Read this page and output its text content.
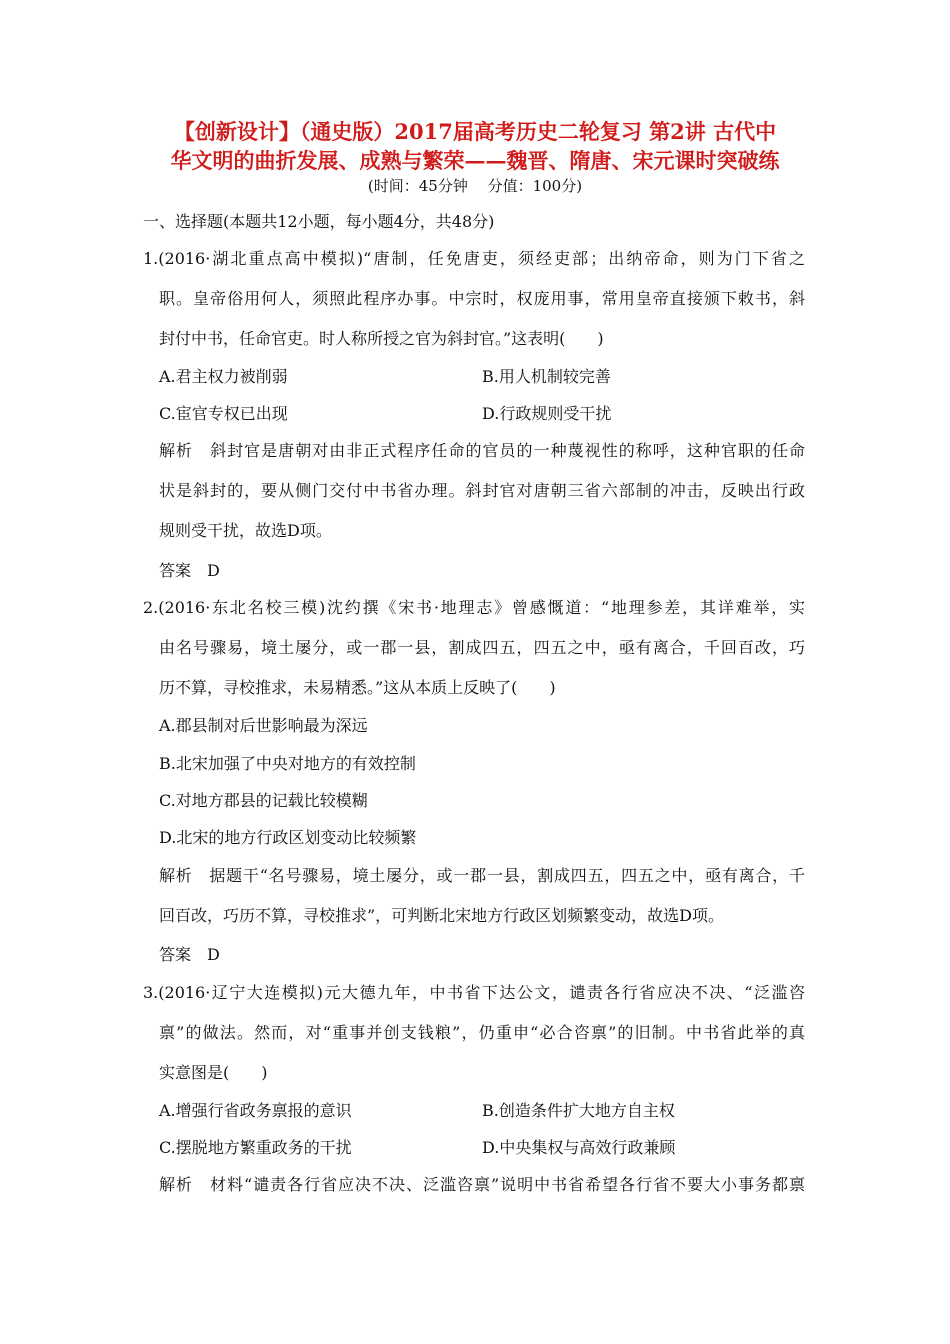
【创新设计】（通史版）2017届高考历史二轮复习 第2讲 古代中
华文明的曲折发展、成熟与繁荣——魏晋、隋唐、宋元课时突破练
(时间：45分钟　 分值：100分)
一、选择题(本题共12小题，每小题4分，共48分)
1.(2016·湖北重点高中模拟)“唐制，任免唐吏，须经吏部；出纳帝命，则为门下省之
职。皇帝俗用何人，须照此程序办事。中宗时，权庞用事，常用皇帝直接颁下敕书，斜
封付中书，任命官吏。时人称所授之官为斜封官。”这表明(　　)
A.君主权力被削弱	B.用人机制较完善
C.宦官专权已出现	D.行政规则受干扰
解析　斜封官是唐朝对由非正式程序任命的官员的一种蔑视性的称呼，这种官职的任命
状是斜封的，要从侧门交付中书省办理。斜封官对唐朝三省六部制的冲击，反映出行政
规则受干扰，故选D项。
答案　D
2.(2016·东北名校三模)沈约撰《宋书·地理志》曾感慨道：“地理参差，其详难举，实
由名号骤易，境土屡分，或一郡一县，割成四五，四五之中，亟有离合，千回百改，巧
历不算，寻校推求，未易精悉。”这从本质上反映了(　　)
A.郡县制对后世影响最为深远
B.北宋加强了中央对地方的有效控制
C.对地方郡县的记载比较模糊
D.北宋的地方行政区划变动比较频繁
解析　据题干“名号骤易，境土屡分，或一郡一县，割成四五，四五之中，亟有离合，千
回百改，巧历不算，寻校推求”，可判断北宋地方行政区划频繁变动，故选D项。
答案　D
3.(2016·辽宁大连模拟)元大德九年，中书省下达公文，谴责各行省应决不决、“泛滥咨
禀”的做法。然而，对“重事并创支钱粮”，仍重申“必合咨禀”的旧制。中书省此举的真
实意图是(　　)
A.增强行省政务禀报的意识	B.创造条件扩大地方自主权
C.摆脱地方繁重政务的干扰	D.中央集权与高效行政兼顾
解析　材料“谴责各行省应决不决、泛滥咨禀”说明中书省希望各行省不要大小事务都禀
